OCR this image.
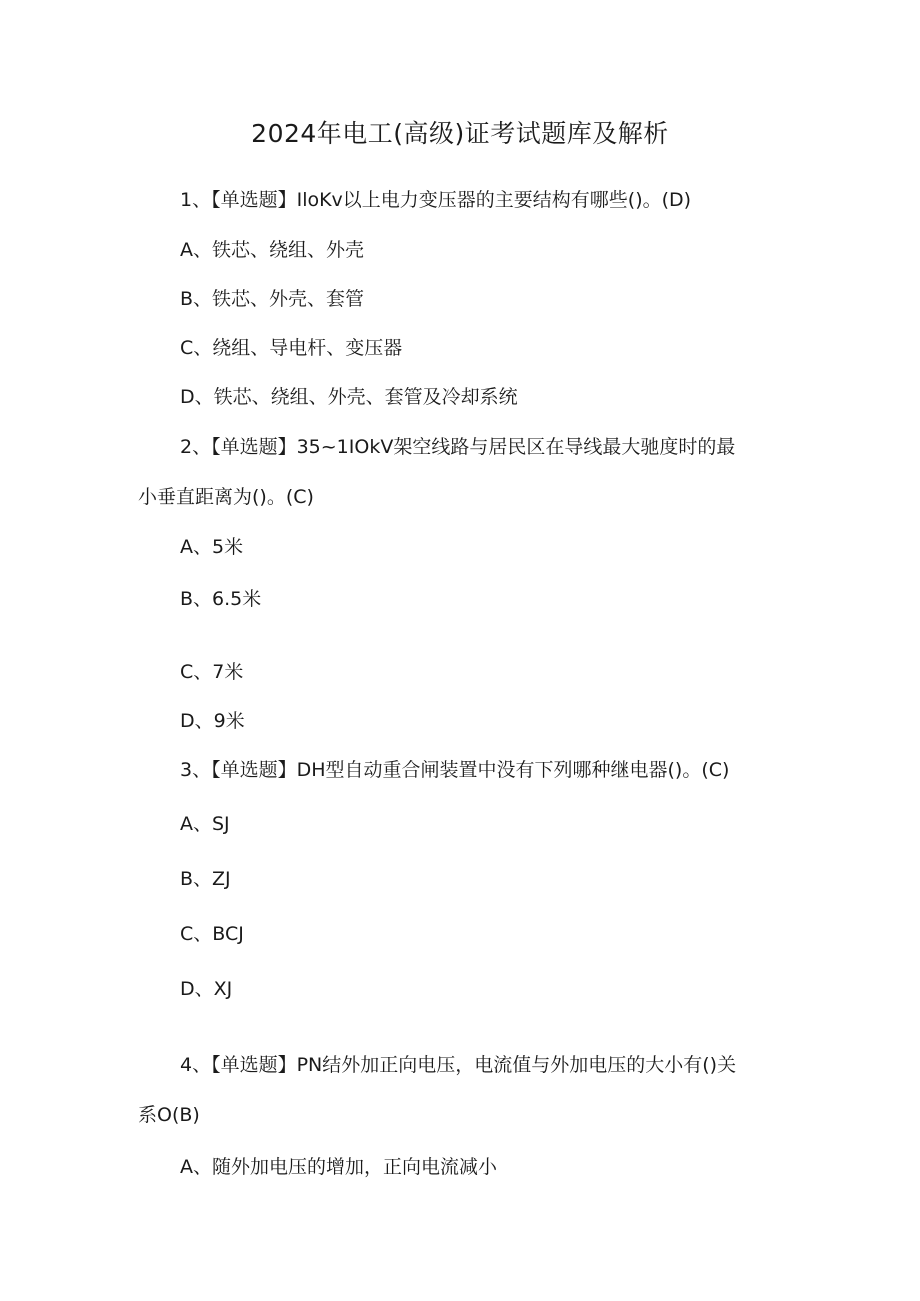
2024年电工(高级)证考试题库及解析
1、【单选题】IloKv以上电力变压器的主要结构有哪些()。(D)
A、铁芯、绕组、外壳
B、铁芯、外壳、套管
C、绕组、导电杆、变压器
D、铁芯、绕组、外壳、套管及冷却系统
2、【单选题】35~1IOkV架空线路与居民区在导线最大驰度时的最
小垂直距离为()。(C)
A、5米
B、6.5米
C、7米
D、9米
3、【单选题】DH型自动重合闸装置中没有下列哪种继电器()。(C)
A、SJ
B、ZJ
C、BCJ
D、XJ
4、【单选题】PN结外加正向电压，电流值与外加电压的大小有()关
系O(B)
A、随外加电压的增加，正向电流减小
